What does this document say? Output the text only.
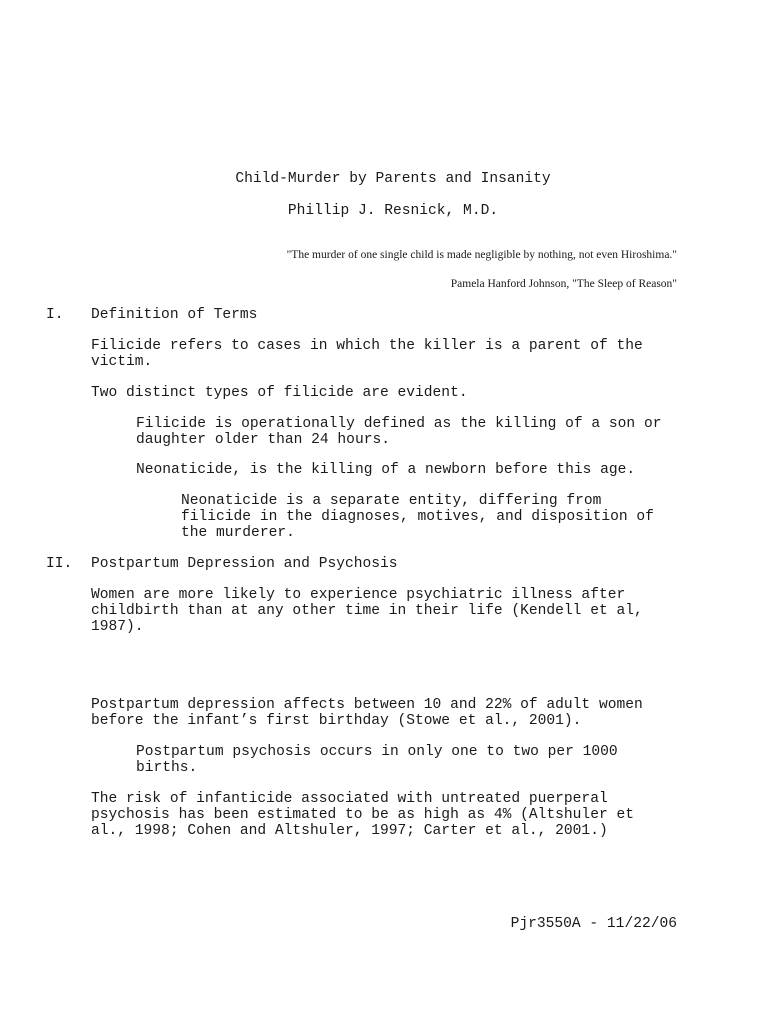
Child-Murder by Parents and Insanity
Phillip J. Resnick, M.D.
"The murder of one single child is made negligible by nothing, not even Hiroshima."
Pamela Hanford Johnson, "The Sleep of Reason"
I. Definition of Terms
Filicide refers to cases in which the killer is a parent of the
victim.
Two distinct types of filicide are evident.
Filicide is operationally defined as the killing of a son or
daughter older than 24 hours.
Neonaticide, is the killing of a newborn before this age.
Neonaticide is a separate entity, differing from
filicide in the diagnoses, motives, and disposition of
the murderer.
II. Postpartum Depression and Psychosis
Women are more likely to experience psychiatric illness after
childbirth than at any other time in their life (Kendell et al,
1987).
Postpartum depression affects between 10 and 22% of adult women
before the infant’s first birthday (Stowe et al., 2001).
Postpartum psychosis occurs in only one to two per 1000
births.
The risk of infanticide associated with untreated puerperal
psychosis has been estimated to be as high as 4% (Altshuler et
al., 1998; Cohen and Altshuler, 1997; Carter et al., 2001.)
Pjr3550A - 11/22/06
